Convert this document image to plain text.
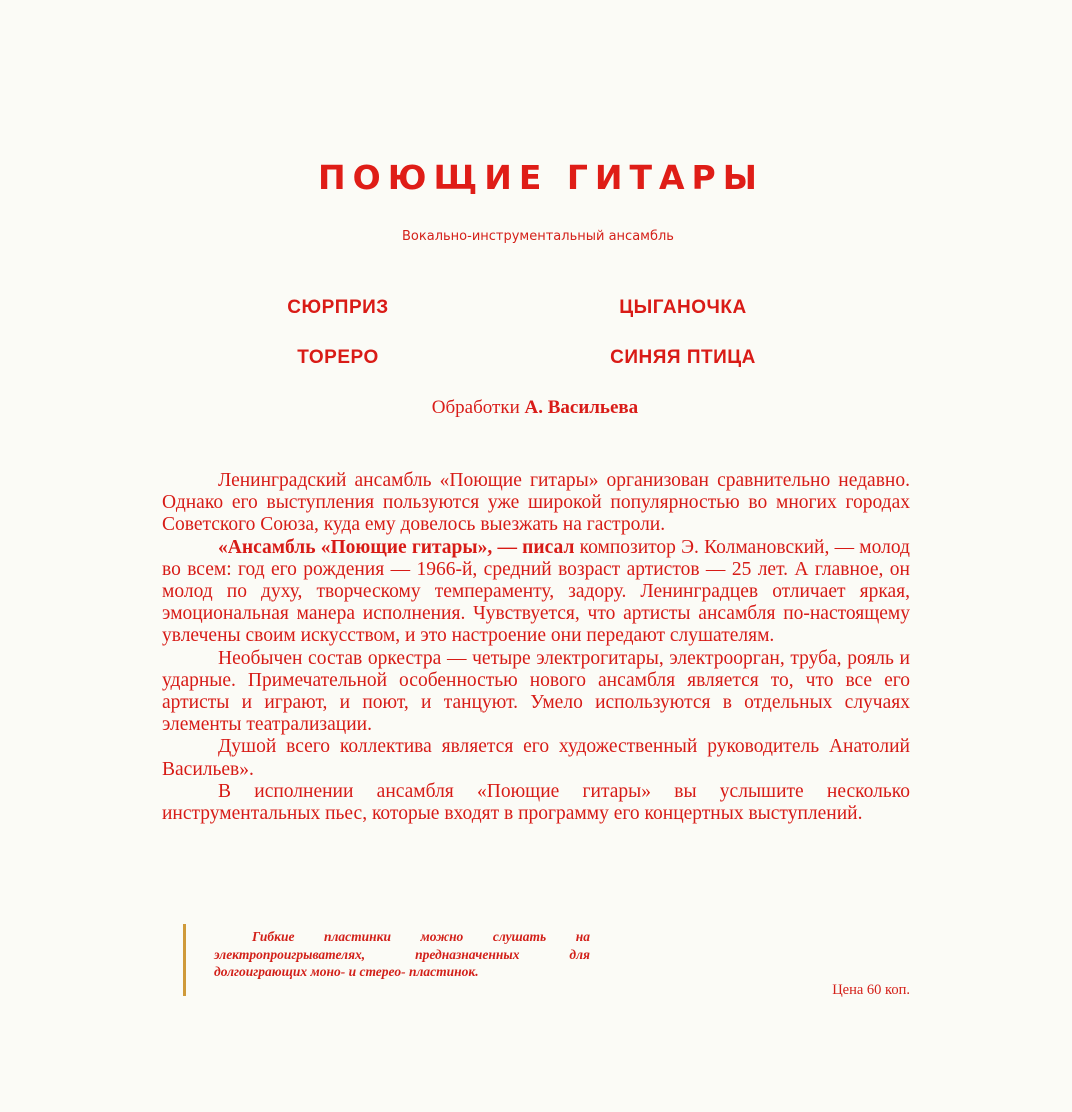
ПОЮЩИЕ ГИТАРЫ
Вокально-инструментальный ансамбль
СЮРПРИЗ	ЦЫГАНОЧКА
ТОРЕРО	СИНЯЯ ПТИЦА
Обработки А. Васильева

Ленинградский ансамбль «Поющие гитары» организован сравнительно недавно. Однако его выступления пользуются уже широкой популярностью во многих городах Советского Союза, куда ему довелось выезжать на гастроли.

«Ансамбль «Поющие гитары», — писал композитор Э. Колмановский, — молод во всем: год его рождения — 1966-й, средний возраст артистов — 25 лет. А главное, он молод по духу, творческому темпераменту, задору. Ленинградцев отличает яркая, эмоциональная манера исполнения. Чувствуется, что артисты ансамбля по-настоящему увлечены своим искусством, и это настроение они передают слушателям.

Необычен состав оркестра — четыре электрогитары, электроорган, труба, рояль и ударные. Примечательной особенностью нового ансамбля является то, что все его артисты и играют, и поют, и танцуют. Умело используются в отдельных случаях элементы театрализации.

Душой всего коллектива является его художественный руководитель Анатолий Васильев».

В исполнении ансамбля «Поющие гитары» вы услышите несколько инструментальных пьес, которые входят в программу его концертных выступлений.

Гибкие пластинки можно слушать на электропроигрывателях, предназначенных для долгоиграющих моно- и стерео- пластинок.
Цена 60 коп.
